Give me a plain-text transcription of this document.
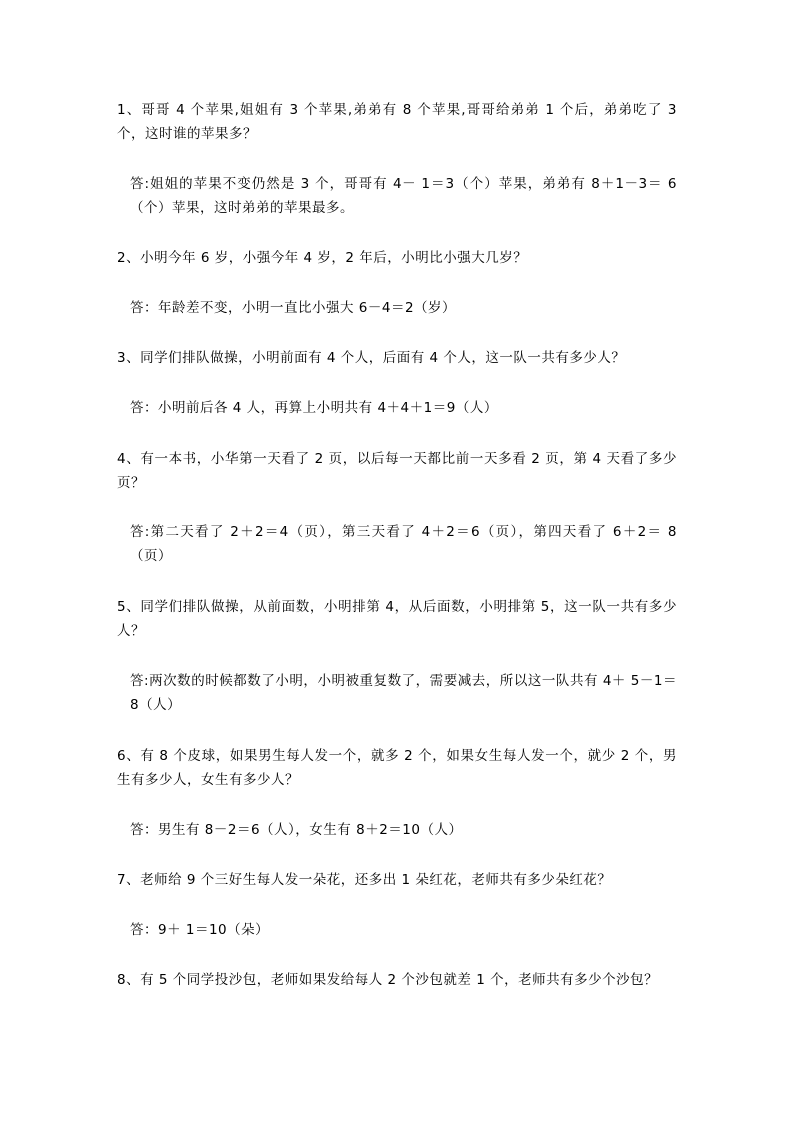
1、哥哥 4 个苹果,姐姐有 3 个苹果,弟弟有 8 个苹果,哥哥给弟弟 1 个后，弟弟吃了 3 个，这时谁的苹果多？
答:姐姐的苹果不变仍然是 3 个，哥哥有 4－ 1＝3（个）苹果，弟弟有 8＋1－3＝ 6（个）苹果，这时弟弟的苹果最多。
2、小明今年 6 岁，小强今年 4 岁，2 年后，小明比小强大几岁？
答：年龄差不变，小明一直比小强大 6－4＝2（岁）
3、同学们排队做操，小明前面有 4 个人，后面有 4 个人，这一队一共有多少人？
答：小明前后各 4 人，再算上小明共有 4＋4＋1＝9（人）
4、有一本书，小华第一天看了 2 页，以后每一天都比前一天多看 2 页，第 4 天看了多少页？
答:第二天看了 2＋2＝4（页），第三天看了 4＋2＝6（页），第四天看了 6＋2＝ 8（页）
5、同学们排队做操，从前面数，小明排第 4，从后面数，小明排第 5，这一队一共有多少人？
答:两次数的时候都数了小明，小明被重复数了，需要减去，所以这一队共有 4＋ 5－1＝8（人）
6、有 8 个皮球，如果男生每人发一个，就多 2 个，如果女生每人发一个，就少 2 个，男生有多少人，女生有多少人？
答：男生有 8－2＝6（人），女生有 8＋2＝10（人）
7、老师给 9 个三好生每人发一朵花，还多出 1 朵红花，老师共有多少朵红花？
答：9＋ 1＝10（朵）
8、有 5 个同学投沙包，老师如果发给每人 2 个沙包就差 1 个，老师共有多少个沙包？
